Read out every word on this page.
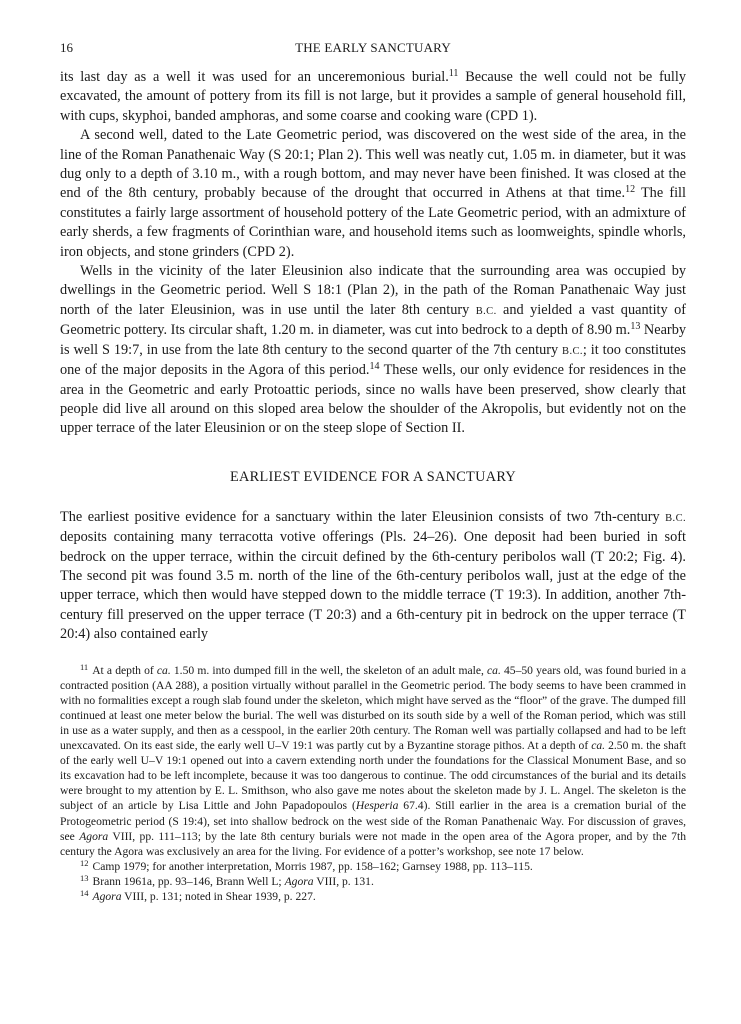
16	THE EARLY SANCTUARY

its last day as a well it was used for an unceremonious burial.$^{11}$ Because the well could not be fully excavated, the amount of pottery from its fill is not large, but it provides a sample of general household fill, with cups, skyphoi, banded amphoras, and some coarse and cooking ware (CPD 1).

A second well, dated to the Late Geometric period, was discovered on the west side of the area, in the line of the Roman Panathenaic Way (S 20:1; Plan 2). This well was neatly cut, 1.05 m. in diameter, but it was dug only to a depth of 3.10 m., with a rough bottom, and may never have been finished. It was closed at the end of the 8th century, probably because of the drought that occurred in Athens at that time.$^{12}$ The fill constitutes a fairly large assortment of household pottery of the Late Geometric period, with an admixture of early sherds, a few fragments of Corinthian ware, and household items such as loomweights, spindle whorls, iron objects, and stone grinders (CPD 2).

Wells in the vicinity of the later Eleusinion also indicate that the surrounding area was occupied by dwellings in the Geometric period. Well S 18:1 (Plan 2), in the path of the Roman Panathenaic Way just north of the later Eleusinion, was in use until the later 8th century B.C. and yielded a vast quantity of Geometric pottery. Its circular shaft, 1.20 m. in diameter, was cut into bedrock to a depth of 8.90 m.$^{13}$ Nearby is well S 19:7, in use from the late 8th century to the second quarter of the 7th century B.C.; it too constitutes one of the major deposits in the Agora of this period.$^{14}$ These wells, our only evidence for residences in the area in the Geometric and early Protoattic periods, since no walls have been preserved, show clearly that people did live all around on this sloped area below the shoulder of the Akropolis, but evidently not on the upper terrace of the later Eleusinion or on the steep slope of Section II.

EARLIEST EVIDENCE FOR A SANCTUARY

The earliest positive evidence for a sanctuary within the later Eleusinion consists of two 7th-century B.C. deposits containing many terracotta votive offerings (Pls. 24–26). One deposit had been buried in soft bedrock on the upper terrace, within the circuit defined by the 6th-century peribolos wall (T 20:2; Fig. 4). The second pit was found 3.5 m. north of the line of the 6th-century peribolos wall, just at the edge of the upper terrace, which then would have stepped down to the middle terrace (T 19:3). In addition, another 7th-century fill preserved on the upper terrace (T 20:3) and a 6th-century pit in bedrock on the upper terrace (T 20:4) also contained early

$^{11}$ At a depth of ca. 1.50 m. into dumped fill in the well, the skeleton of an adult male, ca. 45–50 years old, was found buried in a contracted position (AA 288), a position virtually without parallel in the Geometric period. The body seems to have been crammed in with no formalities except a rough slab found under the skeleton, which might have served as the “floor” of the grave. The dumped fill continued at least one meter below the burial. The well was disturbed on its south side by a well of the Roman period, which was still in use as a water supply, and then as a cesspool, in the earlier 20th century. The Roman well was partially collapsed and had to be left unexcavated. On its east side, the early well U–V 19:1 was partly cut by a Byzantine storage pithos. At a depth of ca. 2.50 m. the shaft of the early well U–V 19:1 opened out into a cavern extending north under the foundations for the Classical Monument Base, and so its excavation had to be left incomplete, because it was too dangerous to continue. The odd circumstances of the burial and its details were brought to my attention by E. L. Smithson, who also gave me notes about the skeleton made by J. L. Angel. The skeleton is the subject of an article by Lisa Little and John Papadopoulos (Hesperia 67.4). Still earlier in the area is a cremation burial of the Protogeometric period (S 19:4), set into shallow bedrock on the west side of the Roman Panathenaic Way. For discussion of graves, see Agora VIII, pp. 111–113; by the late 8th century burials were not made in the open area of the Agora proper, and by the 7th century the Agora was exclusively an area for the living. For evidence of a potter’s workshop, see note 17 below.

$^{12}$ Camp 1979; for another interpretation, Morris 1987, pp. 158–162; Garnsey 1988, pp. 113–115.

$^{13}$ Brann 1961a, pp. 93–146, Brann Well L; Agora VIII, p. 131.

$^{14}$ Agora VIII, p. 131; noted in Shear 1939, p. 227.
